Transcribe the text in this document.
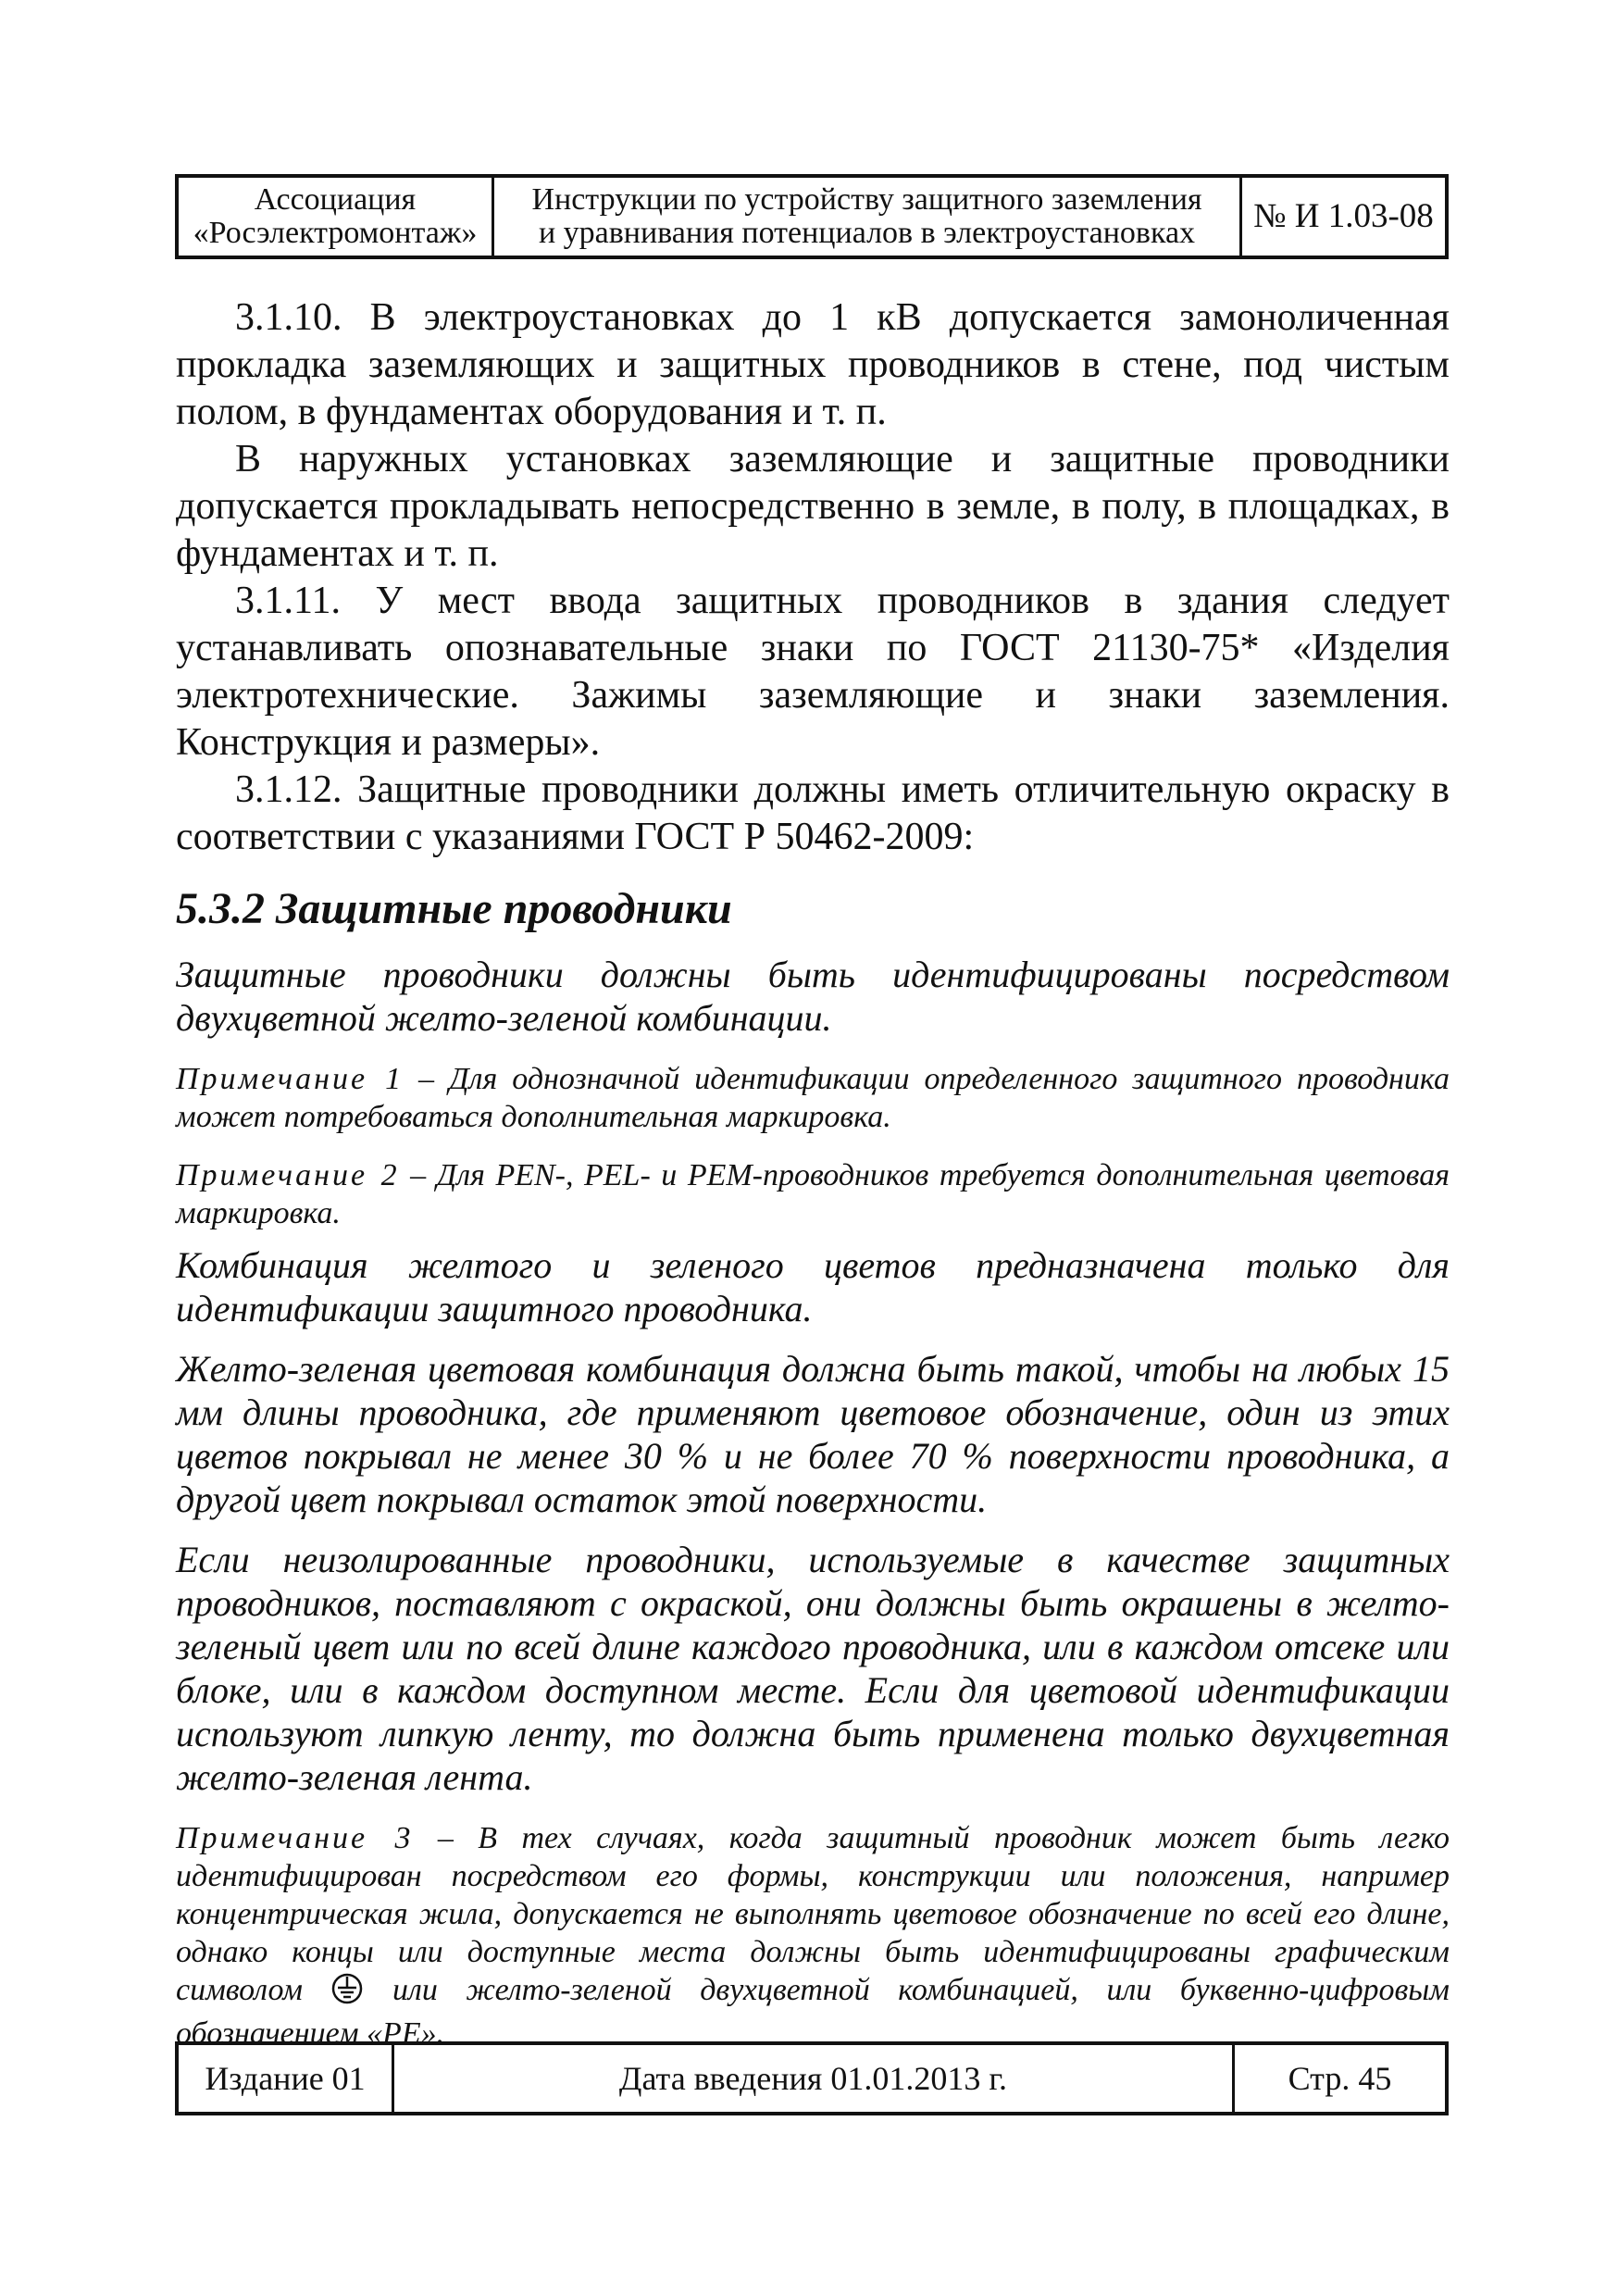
Ассоциация
«Росэлектромонтаж»
Инструкции по устройству защитного заземления
и уравнивания потенциалов в электроустановках № И 1.03-08

3.1.10. В электроустановках до 1 кВ допускается замоноличенная прокладка заземляющих и защитных проводников в стене, под чистым полом, в фундаментах оборудования и т. п.

В наружных установках заземляющие и защитные проводники допускается прокладывать непосредственно в земле, в полу, в площадках, в фундаментах и т. п.

3.1.11. У мест ввода защитных проводников в здания следует устанавливать опознавательные знаки по ГОСТ 21130-75* «Изделия электротехнические. Зажимы заземляющие и знаки заземления. Конструкция и размеры».

3.1.12. Защитные проводники должны иметь отличительную окраску в соответствии с указаниями ГОСТ Р 50462-2009:

5.3.2 Защитные проводники

Защитные проводники должны быть идентифицированы посредством двухцветной желто-зеленой комбинации.

Примечание 1 – Для однозначной идентификации определенного защитного проводника может потребоваться дополнительная маркировка.

Примечание 2 – Для PEN-, PEL- и PEM-проводников требуется дополнительная цветовая маркировка.

Комбинация желтого и зеленого цветов предназначена только для идентификации защитного проводника.

Желто-зеленая цветовая комбинация должна быть такой, чтобы на любых 15 мм длины проводника, где применяют цветовое обозначение, один из этих цветов покрывал не менее 30 % и не более 70 % поверхности проводника, а другой цвет покрывал остаток этой поверхности.

Если неизолированные проводники, используемые в качестве защитных проводников, поставляют с окраской, они должны быть окрашены в желто-зеленый цвет или по всей длине каждого проводника, или в каждом отсеке или блоке, или в каждом доступном месте. Если для цветовой идентификации используют липкую ленту, то должна быть применена только двухцветная желто-зеленая лента.

Примечание 3 – В тех случаях, когда защитный проводник может быть легко идентифицирован посредством его формы, конструкции или положения, например концентрическая жила, допускается не выполнять цветовое обозначение по всей его длине, однако концы или доступные места должны быть идентифицированы графическим символом  или желто-зеленой двухцветной комбинацией, или буквенно-цифровым обозначением «PE».

Издание 01	Дата введения 01.01.2013 г.	Стр. 45
